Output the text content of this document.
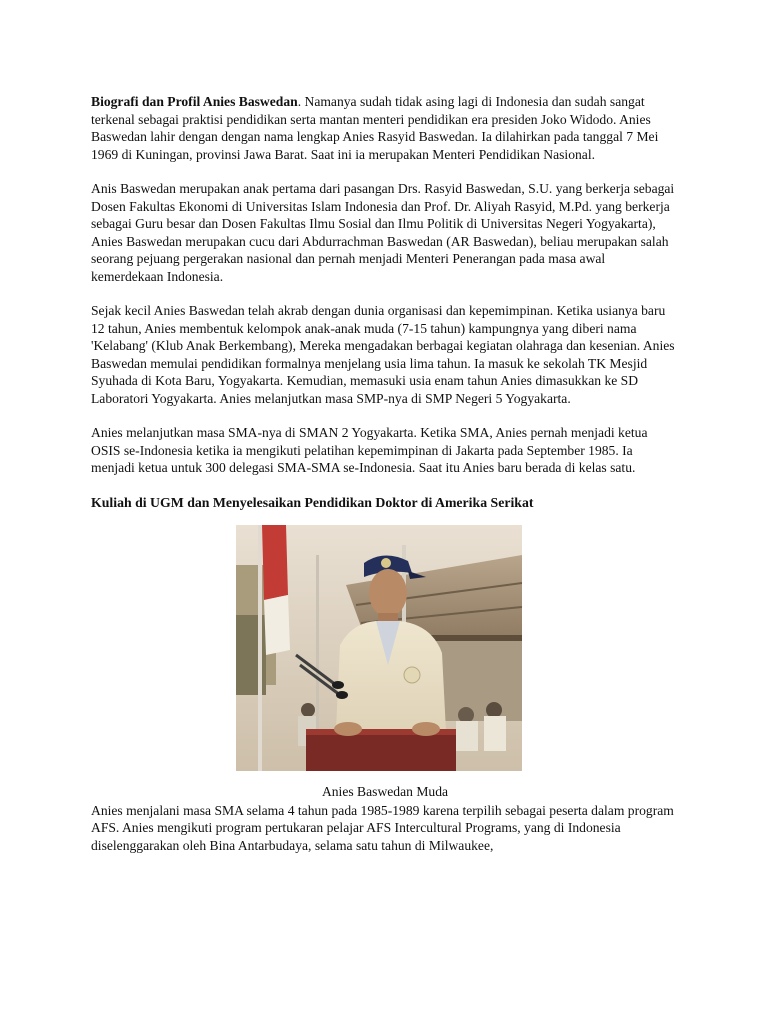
Biografi dan Profil Anies Baswedan. Namanya sudah tidak asing lagi di Indonesia dan sudah sangat terkenal sebagai praktisi pendidikan serta mantan menteri pendidikan era presiden Joko Widodo. Anies Baswedan lahir dengan dengan nama lengkap Anies Rasyid Baswedan. Ia dilahirkan pada tanggal 7 Mei 1969 di Kuningan, provinsi Jawa Barat. Saat ini ia merupakan Menteri Pendidikan Nasional.

Anis Baswedan merupakan anak pertama dari pasangan Drs. Rasyid Baswedan, S.U. yang berkerja sebagai Dosen Fakultas Ekonomi di Universitas Islam Indonesia dan Prof. Dr. Aliyah Rasyid, M.Pd. yang berkerja sebagai Guru besar dan Dosen Fakultas Ilmu Sosial dan Ilmu Politik di Universitas Negeri Yogyakarta), Anies Baswedan merupakan cucu dari Abdurrachman Baswedan (AR Baswedan), beliau merupakan salah seorang pejuang pergerakan nasional dan pernah menjadi Menteri Penerangan pada masa awal kemerdekaan Indonesia.

Sejak kecil Anies Baswedan telah akrab dengan dunia organisasi dan kepemimpinan. Ketika usianya baru 12 tahun, Anies membentuk kelompok anak-anak muda (7-15 tahun) kampungnya yang diberi nama 'Kelabang' (Klub Anak Berkembang), Mereka mengadakan berbagai kegiatan olahraga dan kesenian. Anies Baswedan memulai pendidikan formalnya menjelang usia lima tahun. Ia masuk ke sekolah TK Mesjid Syuhada di Kota Baru, Yogyakarta. Kemudian, memasuki usia enam tahun Anies dimasukkan ke SD Laboratori Yogyakarta. Anies melanjutkan masa SMP-nya di SMP Negeri 5 Yogyakarta.

Anies melanjutkan masa SMA-nya di SMAN 2 Yogyakarta. Ketika SMA, Anies pernah menjadi ketua OSIS se-Indonesia ketika ia mengikuti pelatihan kepemimpinan di Jakarta pada September 1985. Ia menjadi ketua untuk 300 delegasi SMA-SMA se-Indonesia. Saat itu Anies baru berada di kelas satu.

Kuliah di UGM dan Menyelesaikan Pendidikan Doktor di Amerika Serikat

Anies Baswedan Muda

Anies menjalani masa SMA selama 4 tahun pada 1985-1989 karena terpilih sebagai peserta dalam program AFS. Anies mengikuti program pertukaran pelajar AFS Intercultural Programs, yang di Indonesia diselenggarakan oleh Bina Antarbudaya, selama satu tahun di Milwaukee,
